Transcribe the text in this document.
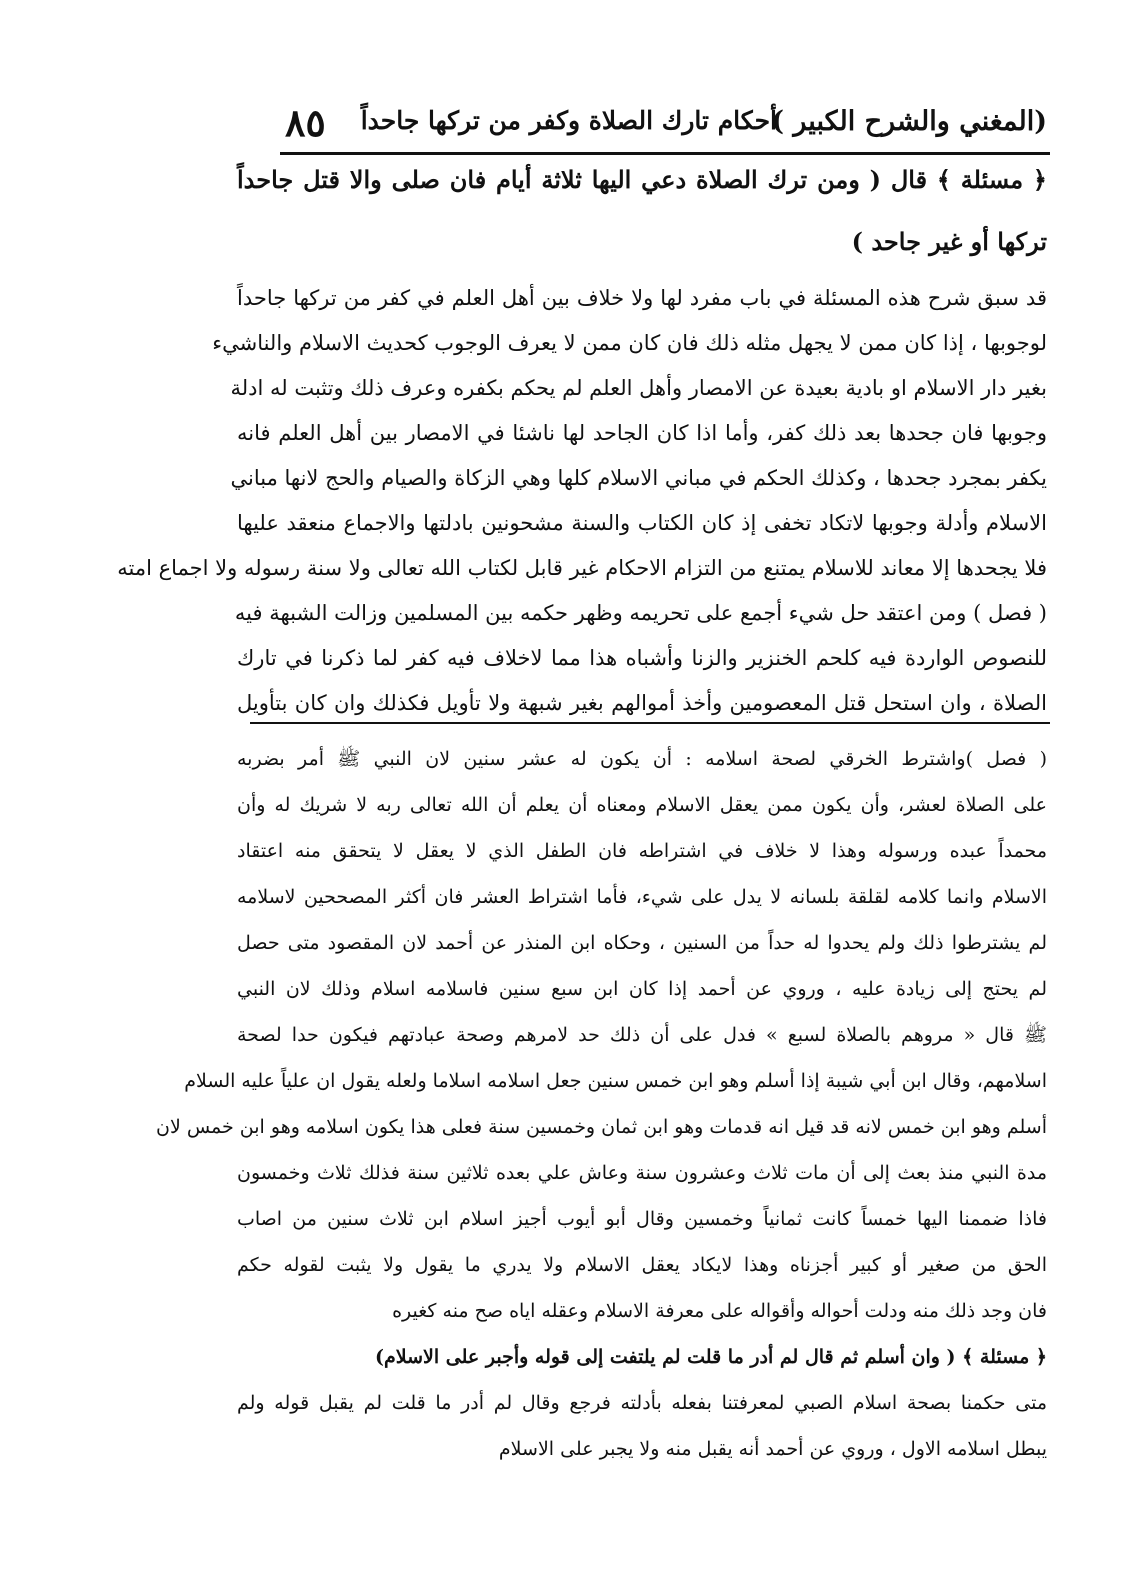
(المغني والشرح الكبير )
أحكام تارك الصلاة وكفر من تركها جاحداً
٨٥
﴿ مسئلة ﴾ قال ( ومن ترك الصلاة دعي اليها ثلاثة أيام فان صلى والا قتل جاحداً
تركها أو غير جاحد )
قد سبق شرح هذه المسئلة في باب مفرد لها ولا خلاف بين أهل العلم في كفر من تركها جاحداً
لوجوبها ، إذا كان ممن لا يجهل مثله ذلك فان كان ممن لا يعرف الوجوب كحديث الاسلام والناشيء
بغير دار الاسلام او بادية بعيدة عن الامصار وأهل العلم لم يحكم بكفره وعرف ذلك وتثبت له ادلة
وجوبها فان جحدها بعد ذلك كفر، وأما اذا كان الجاحد لها ناشئا في الامصار بين أهل العلم فانه
يكفر بمجرد جحدها ، وكذلك الحكم في مباني الاسلام كلها وهي الزكاة والصيام والحج لانها مباني
الاسلام وأدلة وجوبها لاتكاد تخفى إذ كان الكتاب والسنة مشحونين بادلتها والاجماع منعقد عليها
فلا يجحدها إلا معاند للاسلام يمتنع من التزام الاحكام غير قابل لكتاب الله تعالى ولا سنة رسوله ولا اجماع امته
( فصل ) ومن اعتقد حل شيء أجمع على تحريمه وظهر حكمه بين المسلمين وزالت الشبهة فيه
للنصوص الواردة فيه كلحم الخنزير والزنا وأشباه هذا مما لاخلاف فيه كفر لما ذكرنا في تارك
الصلاة ، وان استحل قتل المعصومين وأخذ أموالهم بغير شبهة ولا تأويل فكذلك وان كان بتأويل
( فصل )واشترط الخرقي لصحة اسلامه : أن يكون له عشر سنين لان النبي ﷺ أمر بضربه
على الصلاة لعشر، وأن يكون ممن يعقل الاسلام ومعناه أن يعلم أن الله تعالى ربه لا شريك له وأن
محمداً عبده ورسوله وهذا لا خلاف في اشتراطه فان الطفل الذي لا يعقل لا يتحقق منه اعتقاد
الاسلام وانما كلامه لقلقة بلسانه لا يدل على شيء، فأما اشتراط العشر فان أكثر المصححين لاسلامه
لم يشترطوا ذلك ولم يحدوا له حداً من السنين ، وحكاه ابن المنذر عن أحمد لان المقصود متى حصل
لم يحتج إلى زيادة عليه ، وروي عن أحمد إذا كان ابن سبع سنين فاسلامه اسلام وذلك لان النبي
ﷺ قال « مروهم بالصلاة لسبع » فدل على أن ذلك حد لامرهم وصحة عبادتهم فيكون حدا لصحة
اسلامهم، وقال ابن أبي شيبة إذا أسلم وهو ابن خمس سنين جعل اسلامه اسلاما ولعله يقول ان علياً عليه السلام
أسلم وهو ابن خمس لانه قد قيل انه قدمات وهو ابن ثمان وخمسين سنة فعلى هذا يكون اسلامه وهو ابن خمس لان
مدة النبي منذ بعث إلى أن مات ثلاث وعشرون سنة وعاش علي بعده ثلاثين سنة فذلك ثلاث وخمسون
فاذا ضممنا اليها خمساً كانت ثمانياً وخمسين وقال أبو أيوب أجيز اسلام ابن ثلاث سنين من اصاب
الحق من صغير أو كبير أجزناه وهذا لايكاد يعقل الاسلام ولا يدري ما يقول ولا يثبت لقوله حكم
فان وجد ذلك منه ودلت أحواله وأقواله على معرفة الاسلام وعقله اياه صح منه كغيره
﴿ مسئلة ﴾ ( وان أسلم ثم قال لم أدر ما قلت لم يلتفت إلى قوله وأجبر على الاسلام)
متى حكمنا بصحة اسلام الصبي لمعرفتنا بفعله بأدلته فرجع وقال لم أدر ما قلت لم يقبل قوله ولم
يبطل اسلامه الاول ، وروي عن أحمد أنه يقبل منه ولا يجبر على الاسلام
